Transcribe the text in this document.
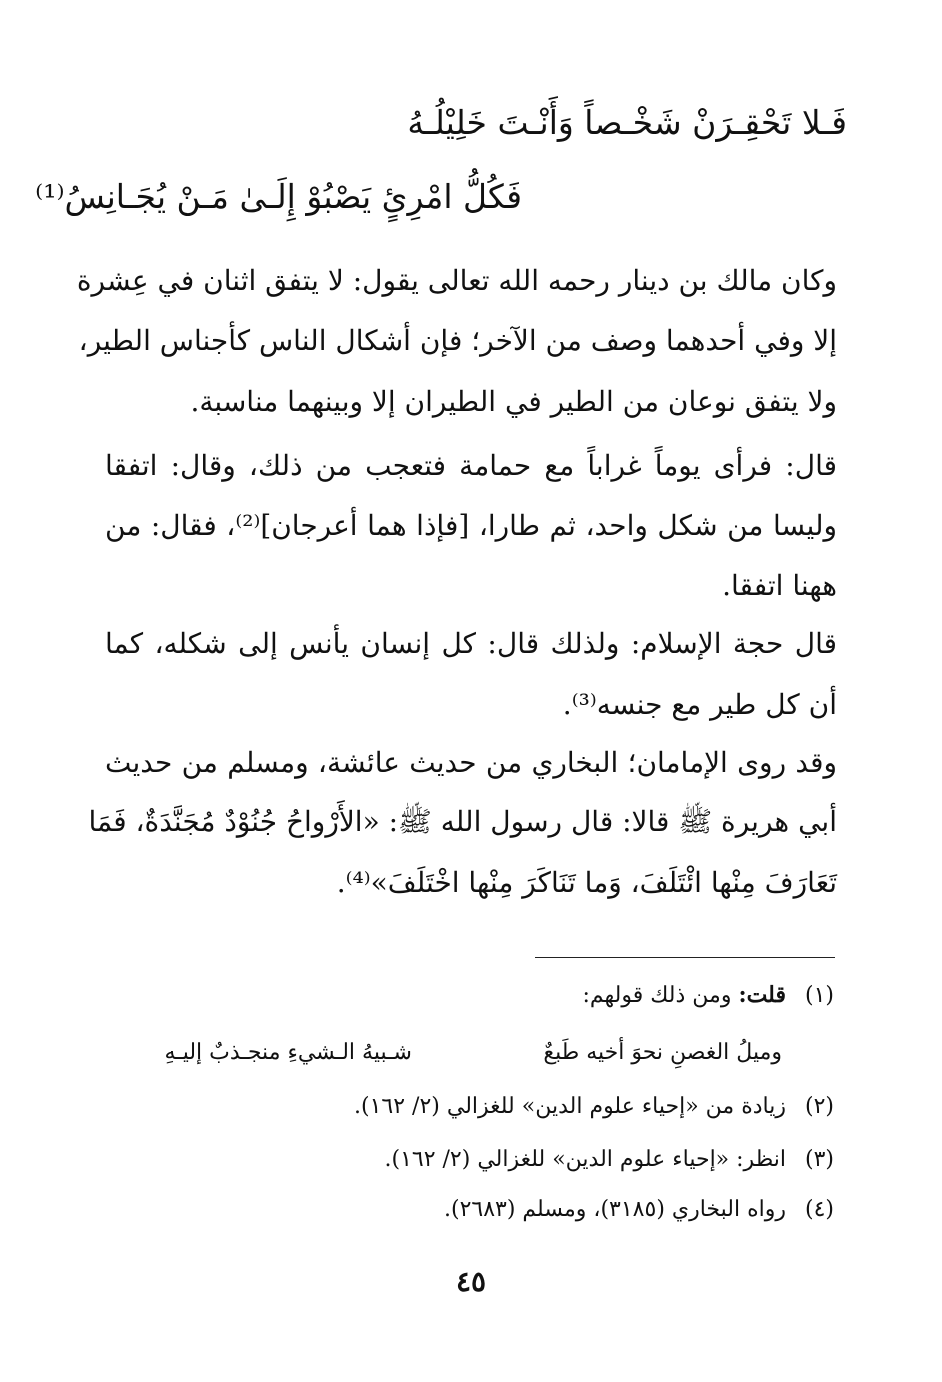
فَـلا تَحْقِـرَنْ شَخْـصاً وَأَنْـتَ خَلِيْلُـهُ
فَكُلُّ امْرِئٍ يَصْبُوْ إِلَـىٰ مَـنْ يُجَـانِسُ⁽¹⁾
وكان مالك بن دينار رحمه الله تعالى يقول: لا يتفق اثنان في عِشرة
إلا وفي أحدهما وصف من الآخر؛ فإن أشكال الناس كأجناس الطير،
ولا يتفق نوعان من الطير في الطيران إلا وبينهما مناسبة.
قال: فرأى يوماً غراباً مع حمامة فتعجب من ذلك، وقال: اتفقا
وليسا من شكل واحد، ثم طارا، [فإذا هما أعرجان]⁽²⁾، فقال: من
ههنا اتفقا.
قال حجة الإسلام: ولذلك قال: كل إنسان يأنس إلى شكله، كما
أن كل طير مع جنسه⁽³⁾.
وقد روى الإمامان؛ البخاري من حديث عائشة، ومسلم من حديث
أبي هريرة ﷺ قالا: قال رسول الله ﷺ: «الأَرْواحُ جُنُوْدٌ مُجَنَّدَةٌ، فَمَا
تَعَارَفَ مِنْها ائْتَلَفَ، وَما تَنَاكَرَ مِنْها اخْتَلَفَ»⁽⁴⁾.
(١) قلت: ومن ذلك قولهم:
وميلُ الغصنِ نحوَ أخيه طَبعٌ
شـبيهُ الـشيءِ منجـذبٌ إليـهِ
(٢) زيادة من «إحياء علوم الدين» للغزالي (٢/ ١٦٢).
(٣) انظر: «إحياء علوم الدين» للغزالي (٢/ ١٦٢).
(٤) رواه البخاري (٣١٨٥)، ومسلم (٢٦٨٣).
٤٥
